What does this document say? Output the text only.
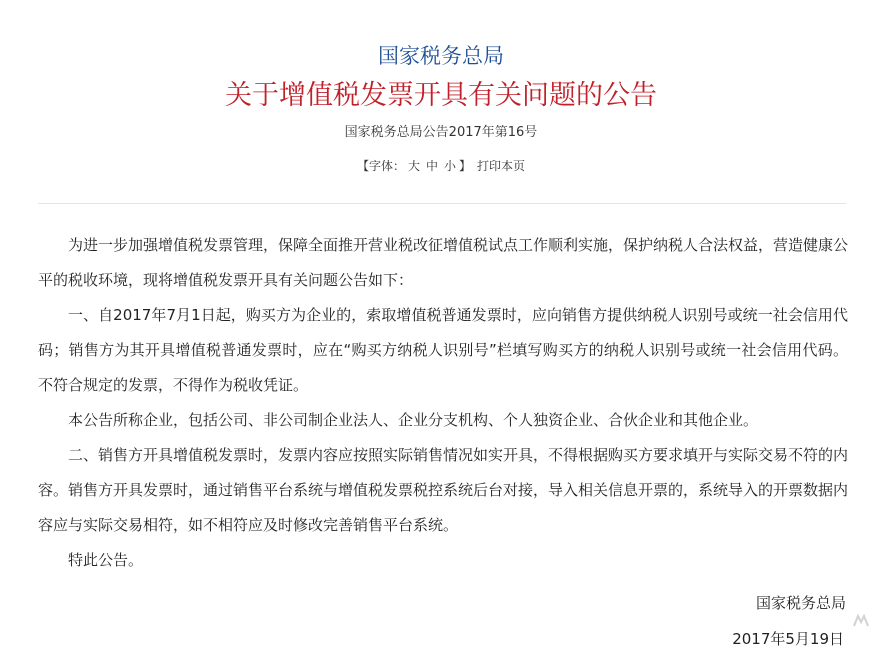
国家税务总局
关于增值税发票开具有关问题的公告
国家税务总局公告2017年第16号
【字体： 大 中 小 】 打印本页

为进一步加强增值税发票管理，保障全面推开营业税改征增值税试点工作顺利实施，保护纳税人合法权益，营造健康公平的税收环境，现将增值税发票开具有关问题公告如下：

一、自2017年7月1日起，购买方为企业的，索取增值税普通发票时，应向销售方提供纳税人识别号或统一社会信用代码；销售方为其开具增值税普通发票时，应在“购买方纳税人识别号”栏填写购买方的纳税人识别号或统一社会信用代码。不符合规定的发票，不得作为税收凭证。

本公告所称企业，包括公司、非公司制企业法人、企业分支机构、个人独资企业、合伙企业和其他企业。

二、销售方开具增值税发票时，发票内容应按照实际销售情况如实开具，不得根据购买方要求填开与实际交易不符的内容。销售方开具发票时，通过销售平台系统与增值税发票税控系统后台对接，导入相关信息开票的，系统导入的开票数据内容应与实际交易相符，如不相符应及时修改完善销售平台系统。

特此公告。

国家税务总局
2017年5月19日
